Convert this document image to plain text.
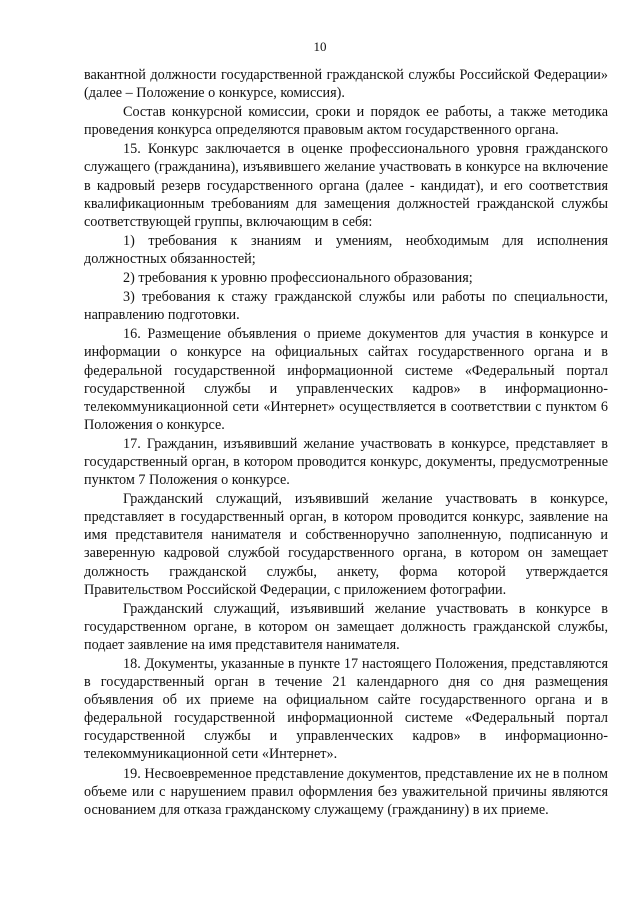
10

вакантной должности государственной гражданской службы Российской Федерации» (далее – Положение о конкурсе, комиссия).

Состав конкурсной комиссии, сроки и порядок ее работы, а также методика проведения конкурса определяются правовым актом государственного органа.

15. Конкурс заключается в оценке профессионального уровня гражданского служащего (гражданина), изъявившего желание участвовать в конкурсе на включение в кадровый резерв государственного органа (далее - кандидат), и его соответствия квалификационным требованиям для замещения должностей гражданской службы соответствующей группы, включающим в себя:

1) требования к знаниям и умениям, необходимым для исполнения должностных обязанностей;

2) требования к уровню профессионального образования;

3) требования к стажу гражданской службы или работы по специальности, направлению подготовки.

16. Размещение объявления о приеме документов для участия в конкурсе и информации о конкурсе на официальных сайтах государственного органа и в федеральной государственной информационной системе «Федеральный портал государственной службы и управленческих кадров» в информационно-телекоммуникационной сети «Интернет» осуществляется в соответствии с пунктом 6 Положения о конкурсе.

17. Гражданин, изъявивший желание участвовать в конкурсе, представляет в государственный орган, в котором проводится конкурс, документы, предусмотренные пунктом 7 Положения о конкурсе.

Гражданский служащий, изъявивший желание участвовать в конкурсе, представляет в государственный орган, в котором проводится конкурс, заявление на имя представителя нанимателя и собственноручно заполненную, подписанную и заверенную кадровой службой государственного органа, в котором он замещает должность гражданской службы, анкету, форма которой утверждается Правительством Российской Федерации, с приложением фотографии.

Гражданский служащий, изъявивший желание участвовать в конкурсе в государственном органе, в котором он замещает должность гражданской службы, подает заявление на имя представителя нанимателя.

18. Документы, указанные в пункте 17 настоящего Положения, представляются в государственный орган в течение 21 календарного дня со дня размещения объявления об их приеме на официальном сайте государственного органа и в федеральной государственной информационной системе «Федеральный портал государственной службы и управленческих кадров» в информационно-телекоммуникационной сети «Интернет».

19. Несвоевременное представление документов, представление их не в полном объеме или с нарушением правил оформления без уважительной причины являются основанием для отказа гражданскому служащему (гражданину) в их приеме.
